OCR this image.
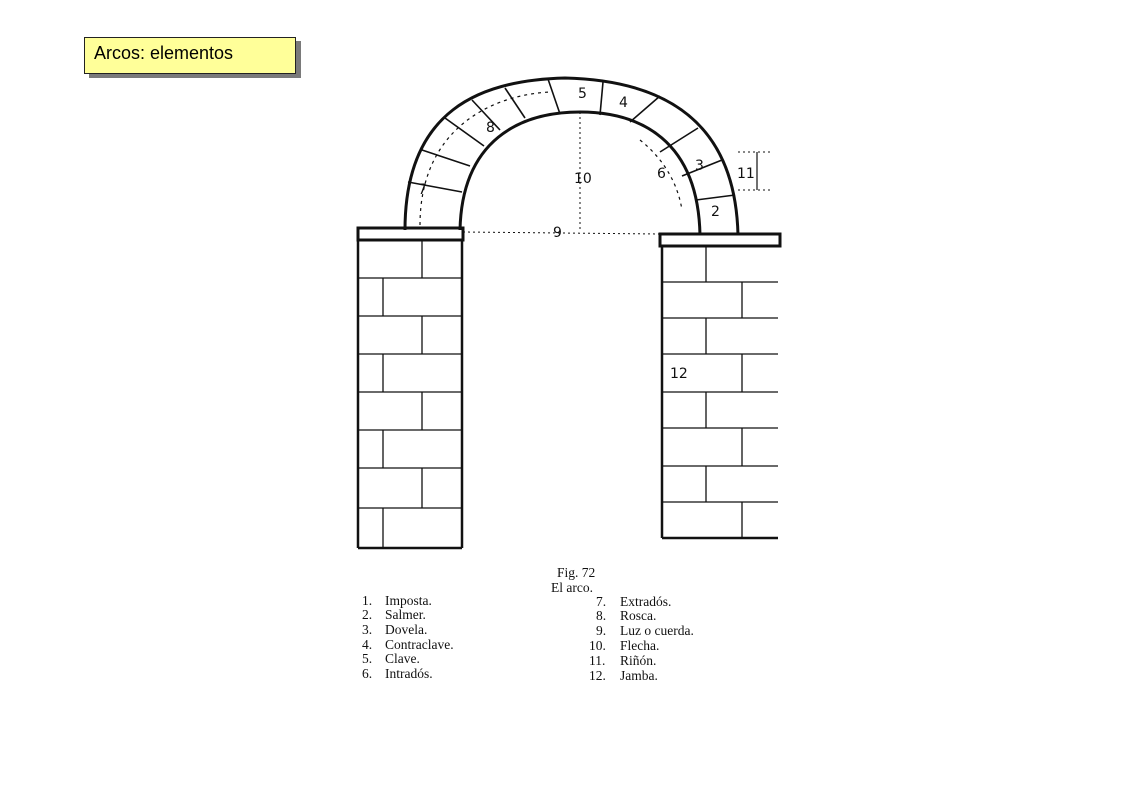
Arcos: elementos
2
3
4
5
6
7
8
9
10	11
12
Fig. 72
El arco.
1. Imposta.
2. Salmer.
3. Dovela.
4. Contraclave.
5. Clave.
6. Intradós.
7. Extradós.
8. Rosca.
9. Luz o cuerda.
10. Flecha.
11. Riñón.
12. Jamba.
